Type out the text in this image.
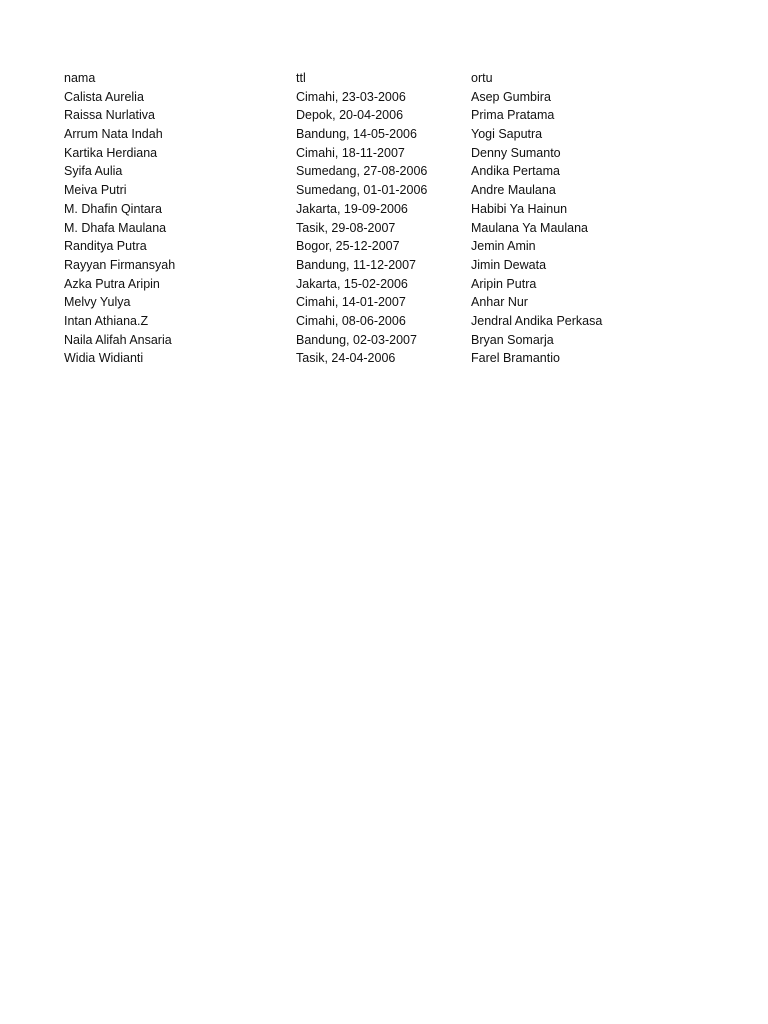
nama	ttl	ortu
Calista Aurelia	Cimahi, 23-03-2006	Asep Gumbira
Raissa Nurlativa	Depok, 20-04-2006	Prima Pratama
Arrum Nata Indah	Bandung, 14-05-2006	Yogi Saputra
Kartika Herdiana	Cimahi, 18-11-2007	Denny Sumanto
Syifa Aulia	Sumedang, 27-08-2006	Andika Pertama
Meiva Putri	Sumedang, 01-01-2006	Andre Maulana
M. Dhafin Qintara	Jakarta, 19-09-2006	Habibi Ya Hainun
M. Dhafa Maulana	Tasik, 29-08-2007	Maulana Ya Maulana
Randitya Putra	Bogor, 25-12-2007	Jemin Amin
Rayyan Firmansyah	Bandung, 11-12-2007	Jimin Dewata
Azka Putra Aripin	Jakarta, 15-02-2006	Aripin Putra
Melvy Yulya	Cimahi, 14-01-2007	Anhar Nur
Intan Athiana.Z	Cimahi, 08-06-2006	Jendral Andika Perkasa
Naila Alifah Ansaria	Bandung, 02-03-2007	Bryan Somarja
Widia Widianti	Tasik, 24-04-2006	Farel Bramantio
